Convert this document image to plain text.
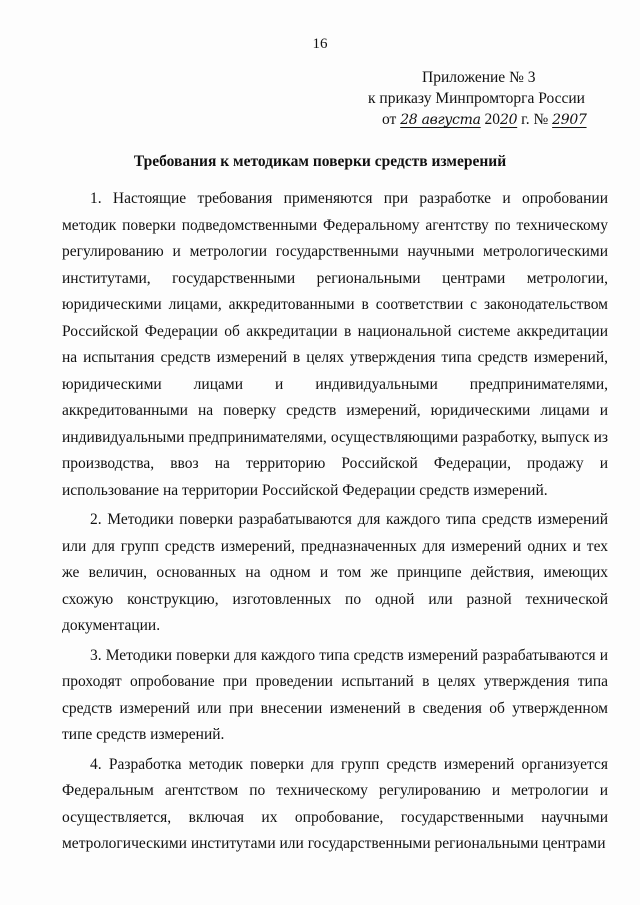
16
Приложение № 3
к приказу Минпромторга России
от 28 августа 2020 г. № 2907
Требования к методикам поверки средств измерений

1. Настоящие требования применяются при разработке и опробовании методик поверки подведомственными Федеральному агентству по техническому регулированию и метрологии государственными научными метрологическими институтами, государственными региональными центрами метрологии, юридическими лицами, аккредитованными в соответствии с законодательством Российской Федерации об аккредитации в национальной системе аккредитации на испытания средств измерений в целях утверждения типа средств измерений, юридическими лицами и индивидуальными предпринимателями, аккредитованными на поверку средств измерений, юридическими лицами и индивидуальными предпринимателями, осуществляющими разработку, выпуск из производства, ввоз на территорию Российской Федерации, продажу и использование на территории Российской Федерации средств измерений.

2. Методики поверки разрабатываются для каждого типа средств измерений или для групп средств измерений, предназначенных для измерений одних и тех же величин, основанных на одном и том же принципе действия, имеющих схожую конструкцию, изготовленных по одной или разной технической документации.

3. Методики поверки для каждого типа средств измерений разрабатываются и проходят опробование при проведении испытаний в целях утверждения типа средств измерений или при внесении изменений в сведения об утвержденном типе средств измерений.

4. Разработка методик поверки для групп средств измерений организуется Федеральным агентством по техническому регулированию и метрологии и осуществляется, включая их опробование, государственными научными метрологическими институтами или государственными региональными центрами
